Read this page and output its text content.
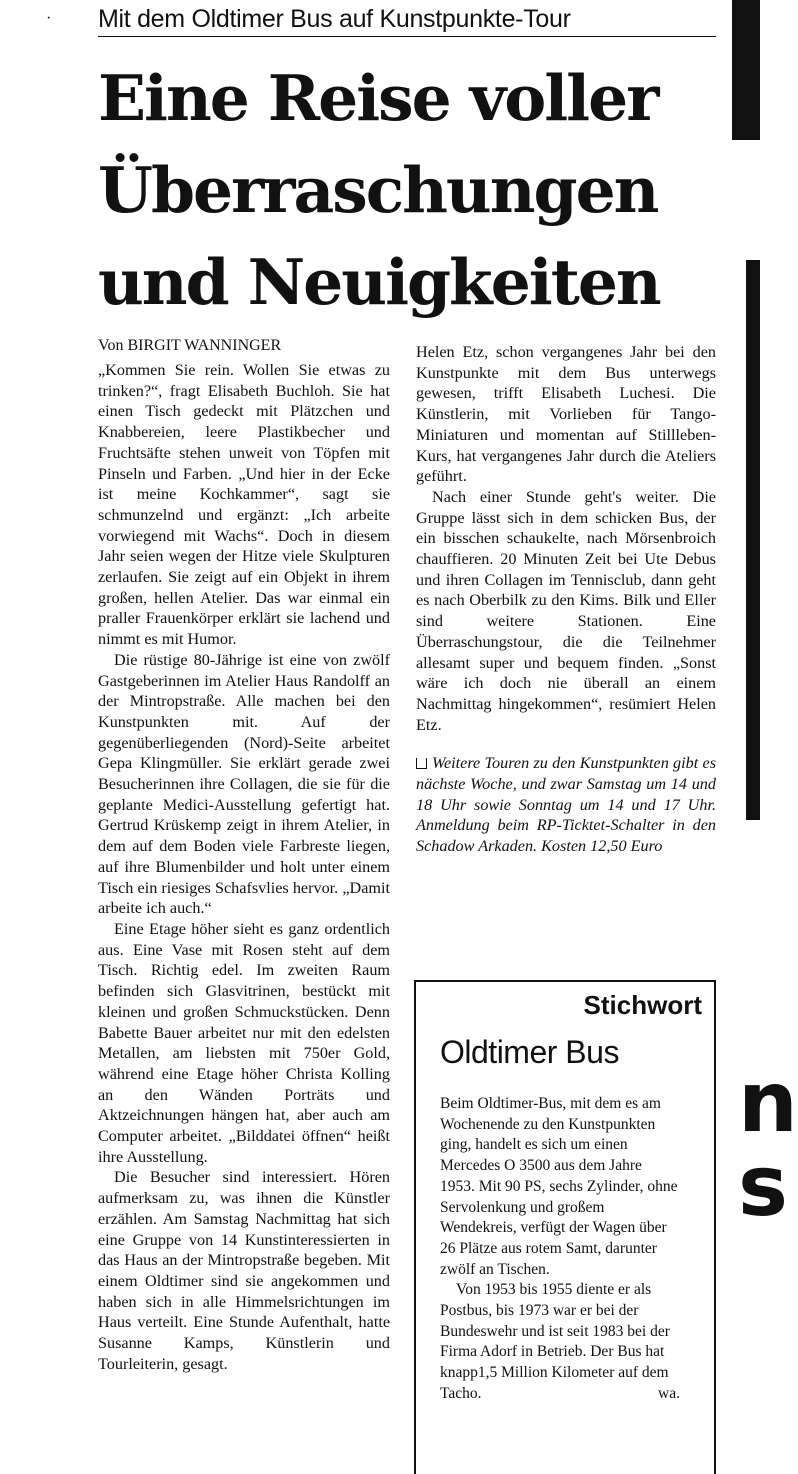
· Mit dem Oldtimer Bus auf Kunstpunkte-Tour
Eine Reise voller
Überraschungen
und Neuigkeiten
Von BIRGIT WANNINGER

„Kommen Sie rein. Wollen Sie etwas zu trinken?“, fragt Elisabeth Buchloh. Sie hat einen Tisch gedeckt mit Plätzchen und Knabbereien, leere Plastikbecher und Fruchtsäfte stehen unweit von Töpfen mit Pinseln und Farben. „Und hier in der Ecke ist meine Kochkammer“, sagt sie schmunzelnd und ergänzt: „Ich arbeite vorwiegend mit Wachs“. Doch in diesem Jahr seien wegen der Hitze viele Skulpturen zerlaufen. Sie zeigt auf ein Objekt in ihrem großen, hellen Atelier. Das war einmal ein praller Frauenkörper erklärt sie lachend und nimmt es mit Humor.

Die rüstige 80-Jährige ist eine von zwölf Gastgeberinnen im Atelier Haus Randolff an der Mintropstraße. Alle machen bei den Kunstpunkten mit. Auf der gegenüberliegenden (Nord)-Seite arbeitet Gepa Klingmüller. Sie erklärt gerade zwei Besucherinnen ihre Collagen, die sie für die geplante Medici-Ausstellung gefertigt hat. Gertrud Krüskemp zeigt in ihrem Atelier, in dem auf dem Boden viele Farbreste liegen, auf ihre Blumenbilder und holt unter einem Tisch ein riesiges Schafsvlies hervor. „Damit arbeite ich auch.“

Eine Etage höher sieht es ganz ordentlich aus. Eine Vase mit Rosen steht auf dem Tisch. Richtig edel. Im zweiten Raum befinden sich Glasvitrinen, bestückt mit kleinen und großen Schmuckstücken. Denn Babette Bauer arbeitet nur mit den edelsten Metallen, am liebsten mit 750er Gold, während eine Etage höher Christa Kolling an den Wänden Porträts und Aktzeichnungen hängen hat, aber auch am Computer arbeitet. „Bilddatei öffnen“ heißt ihre Ausstellung.

Die Besucher sind interessiert. Hören aufmerksam zu, was ihnen die Künstler erzählen. Am Samstag Nachmittag hat sich eine Gruppe von 14 Kunstinteressierten in das Haus an der Mintropstraße begeben. Mit einem Oldtimer sind sie angekommen und haben sich in alle Himmelsrichtungen im Haus verteilt. Eine Stunde Aufenthalt, hatte Susanne Kamps, Künstlerin und Tourleiterin, gesagt.

Helen Etz, schon vergangenes Jahr bei den Kunstpunkte mit dem Bus unterwegs gewesen, trifft Elisabeth Luchesi. Die Künstlerin, mit Vorlieben für Tango-Miniaturen und momentan auf Stillleben-Kurs, hat vergangenes Jahr durch die Ateliers geführt.

Nach einer Stunde geht's weiter. Die Gruppe lässt sich in dem schicken Bus, der ein bisschen schaukelte, nach Mörsenbroich chauffieren. 20 Minuten Zeit bei Ute Debus und ihren Collagen im Tennisclub, dann geht es nach Oberbilk zu den Kims. Bilk und Eller sind weitere Stationen. Eine Überraschungstour, die die Teilnehmer allesamt super und bequem finden. „Sonst wäre ich doch nie überall an einem Nachmittag hingekommen“, resümiert Helen Etz.

Weitere Touren zu den Kunstpunkten gibt es nächste Woche, und zwar Samstag um 14 und 18 Uhr sowie Sonntag um 14 und 17 Uhr. Anmeldung beim RP-Ticktet-Schalter in den Schadow Arkaden. Kosten 12,50 Euro

Stichwort
Oldtimer Bus

Beim Oldtimer-Bus, mit dem es am Wochenende zu den Kunstpunkten ging, handelt es sich um einen Mercedes O 3500 aus dem Jahre 1953. Mit 90 PS, sechs Zylinder, ohne Servolenkung und großem Wendekreis, verfügt der Wagen über 26 Plätze aus rotem Samt, darunter zwölf an Tischen.

Von 1953 bis 1955 diente er als Postbus, bis 1973 war er bei der Bundeswehr und ist seit 1983 bei der Firma Adorf in Betrieb. Der Bus hat knapp1,5 Million Kilometer auf dem Tacho.	wa.

n s
